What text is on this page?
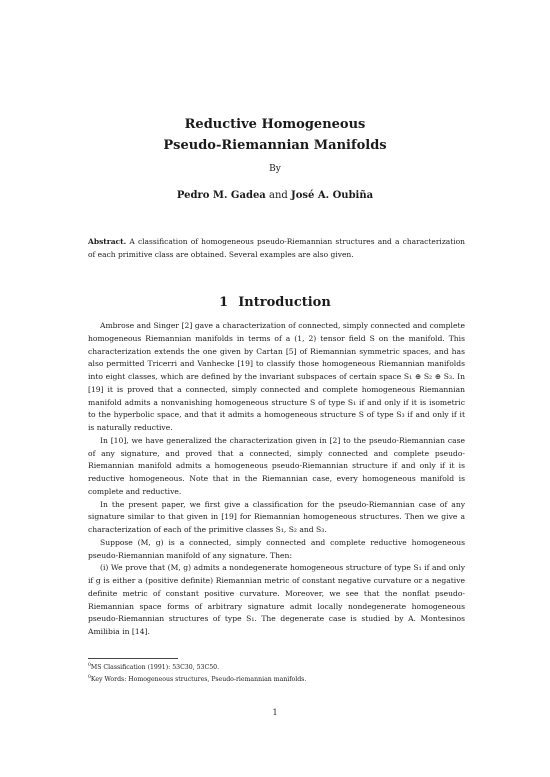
Reductive Homogeneous
Pseudo-Riemannian Manifolds
By
Pedro M. Gadea and José A. Oubiña
Abstract. A classification of homogeneous pseudo-Riemannian structures and a characterization of each primitive class are obtained. Several examples are also given.
1 Introduction

Ambrose and Singer [2] gave a characterization of connected, simply connected and complete homogeneous Riemannian manifolds in terms of a (1, 2) tensor field S on the manifold. This characterization extends the one given by Cartan [5] of Riemannian symmetric spaces, and has also permitted Tricerri and Vanhecke [19] to classify those homogeneous Riemannian manifolds into eight classes, which are defined by the invariant subspaces of certain space S₁ ⊕ S₂ ⊕ S₃. In [19] it is proved that a connected, simply connected and complete homogeneous Riemannian manifold admits a nonvanishing homogeneous structure S of type S₁ if and only if it is isometric to the hyperbolic space, and that it admits a homogeneous structure S of type S₃ if and only if it is naturally reductive.

In [10], we have generalized the characterization given in [2] to the pseudo-Riemannian case of any signature, and proved that a connected, simply connected and complete pseudo-Riemannian manifold admits a homogeneous pseudo-Riemannian structure if and only if it is reductive homogeneous. Note that in the Riemannian case, every homogeneous manifold is complete and reductive.

In the present paper, we first give a classification for the pseudo-Riemannian case of any signature similar to that given in [19] for Riemannian homogeneous structures. Then we give a characterization of each of the primitive classes S₁, S₂ and S₃.

Suppose (M, g) is a connected, simply connected and complete reductive homogeneous pseudo-Riemannian manifold of any signature. Then:

(i) We prove that (M, g) admits a nondegenerate homogeneous structure of type S₁ if and only if g is either a (positive definite) Riemannian metric of constant negative curvature or a negative definite metric of constant positive curvature. Moreover, we see that the nonflat pseudo-Riemannian space forms of arbitrary signature admit locally nondegenerate homogeneous pseudo-Riemannian structures of type S₁. The degenerate case is studied by A. Montesinos Amilibia in [14].

$^0$MS Classification (1991): 53C30, 53C50.
$^0$Key Words: Homogeneous structures, Pseudo-riemannian manifolds.
1
